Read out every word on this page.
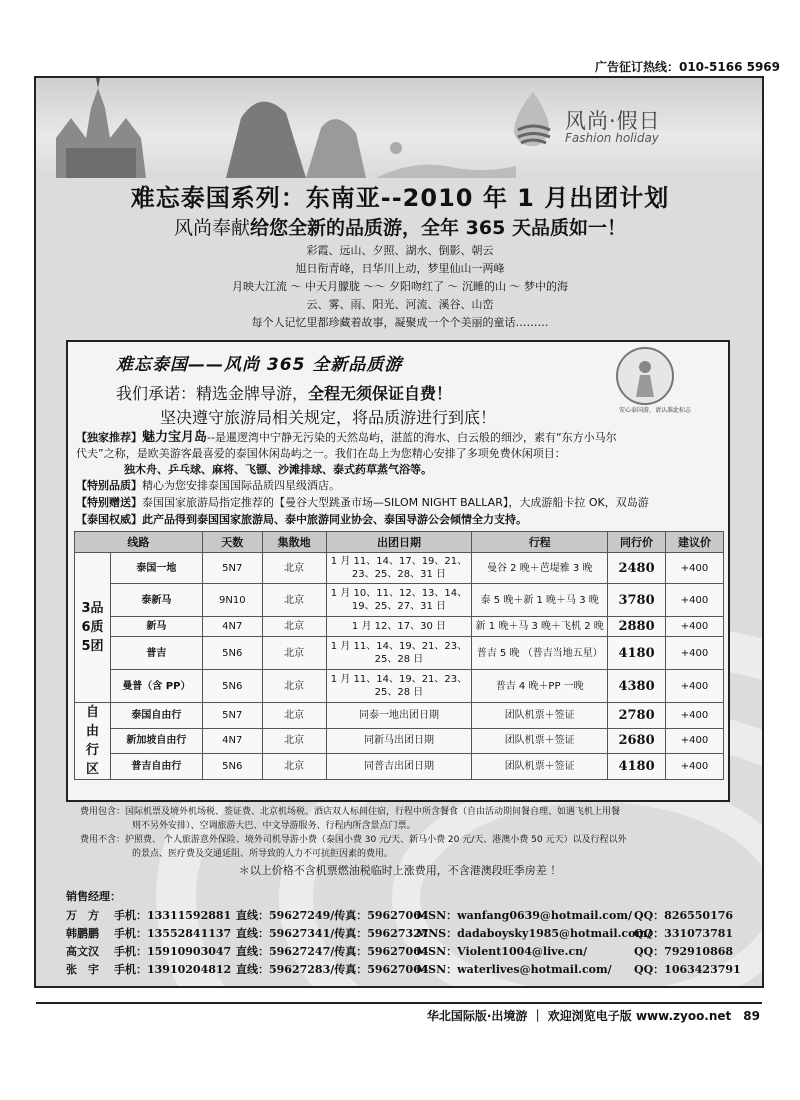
广告征订热线：010-5166 5969
风尚·假日
Fashion holiday
难忘泰国系列：东南亚--2010 年 1 月出团计划
风尚奉献给您全新的品质游，全年 365 天品质如一！
彩霞、远山、夕照、湖水、倒影、朝云
旭日衔青峰，日华川上动，梦里仙山一两峰
月映大江流 ～ 中天月朦胧 ～～ 夕阳吻红了 ～ 沉睡的山 ～ 梦中的海
云、雾、雨、阳光、河流、溪谷、山峦
每个人记忆里都珍藏着故事，凝聚成一个个美丽的童话………
难忘泰国——风尚 365 全新品质游
我们承诺：精选金牌导游，全程无须保证自费！
坚决遵守旅游局相关规定，将品质游进行到底！	安心泰国游，请认准此标志
【独家推荐】魅力宝月岛--是暹逻湾中宁静无污染的天然岛屿，湛蓝的海水、白云般的细沙，素有“东方小马尔
代夫”之称，是欧美游客最喜爱的泰国休闲岛屿之一。我们在岛上为您精心安排了多项免费休闲项目：
独木舟、乒乓球、麻将、飞镖、沙滩排球、泰式药草蒸气浴等。
【特别品质】精心为您安排泰国国际品质四星级酒店。
【特别赠送】泰国国家旅游局指定推荐的【曼谷大型跳蚤市场—SILOM NIGHT BALLAR】，大成游船卡拉 OK，双岛游
【泰国权威】此产品得到泰国国家旅游局、泰中旅游同业协会、泰国导游公会倾情全力支持。
线路		天数	集散地	出团日期	行程	同行价	建议价
3品6质5团	泰国一地	5N7	北京	1 月 11、14、17、19、21、23、25、28、31 日	曼谷 2 晚＋芭堤雅 3 晚	2480	+400
	泰新马	9N10	北京	1 月 10、11、12、13、14、19、25、27、31 日	泰 5 晚＋新 1 晚＋马 3 晚	3780	+400
	新马	4N7	北京	1 月 12、17、30 日	新 1 晚＋马 3 晚＋飞机 2 晚	2880	+400
	普吉	5N6	北京	1 月 11、14、19、21、23、25、28 日	普吉 5 晚 （普吉当地五星）	4180	+400
	曼普（含 PP）	5N6	北京	1 月 11、14、19、21、23、25、28 日	普吉 4 晚＋PP 一晚	4380	+400
自由行区	泰国自由行	5N7	北京	同泰一地出团日期	团队机票＋签证	2780	+400
	新加坡自由行	4N7	北京	同新马出团日期	团队机票＋签证	2680	+400
	普吉自由行	5N6	北京	同普吉出团日期	团队机票＋签证	4180	+400
费用包含：国际机票及境外机场税、签证费、北京机场税、酒店双人标间住宿，行程中所含餐食（自由活动期间餐自理、如遇飞机上用餐
则不另外安排）、空调旅游大巴、中文导游服务、行程内所含景点门票。
费用不含：护照费、 个人旅游意外保险、境外司机导游小费（泰国小费 30 元/天、新马小费 20 元/天、港澳小费 50 元天）以及行程以外
的景点、医疗费及交通延阻、所导致的人力不可抗拒因素的费用。
＊以上价格不含机票燃油税临时上涨费用，不含港澳段旺季房差 ！
销售经理：
万　方 手机：13311592881 直线：59627249/传真：59627064
MSN：wanfang0639@hotmail.com/ QQ：826550176
韩鹏鹏 手机：13552841137 直线：59627341/传真：59627327
MNS：dadaboysky1985@hotmail.com/
QQ：331073781
高文汉 手机：15910903047 直线：59627247/传真：59627064
MSN：Violent1004@live.cn/	QQ：792910868
张　宇 手机：13910204812 直线：59627283/传真：59627064
MSN：waterlives@hotmail.com/ QQ：1063423791
华北国际版·出境游 ｜ 欢迎浏览电子版 www.zyoo.net　89
